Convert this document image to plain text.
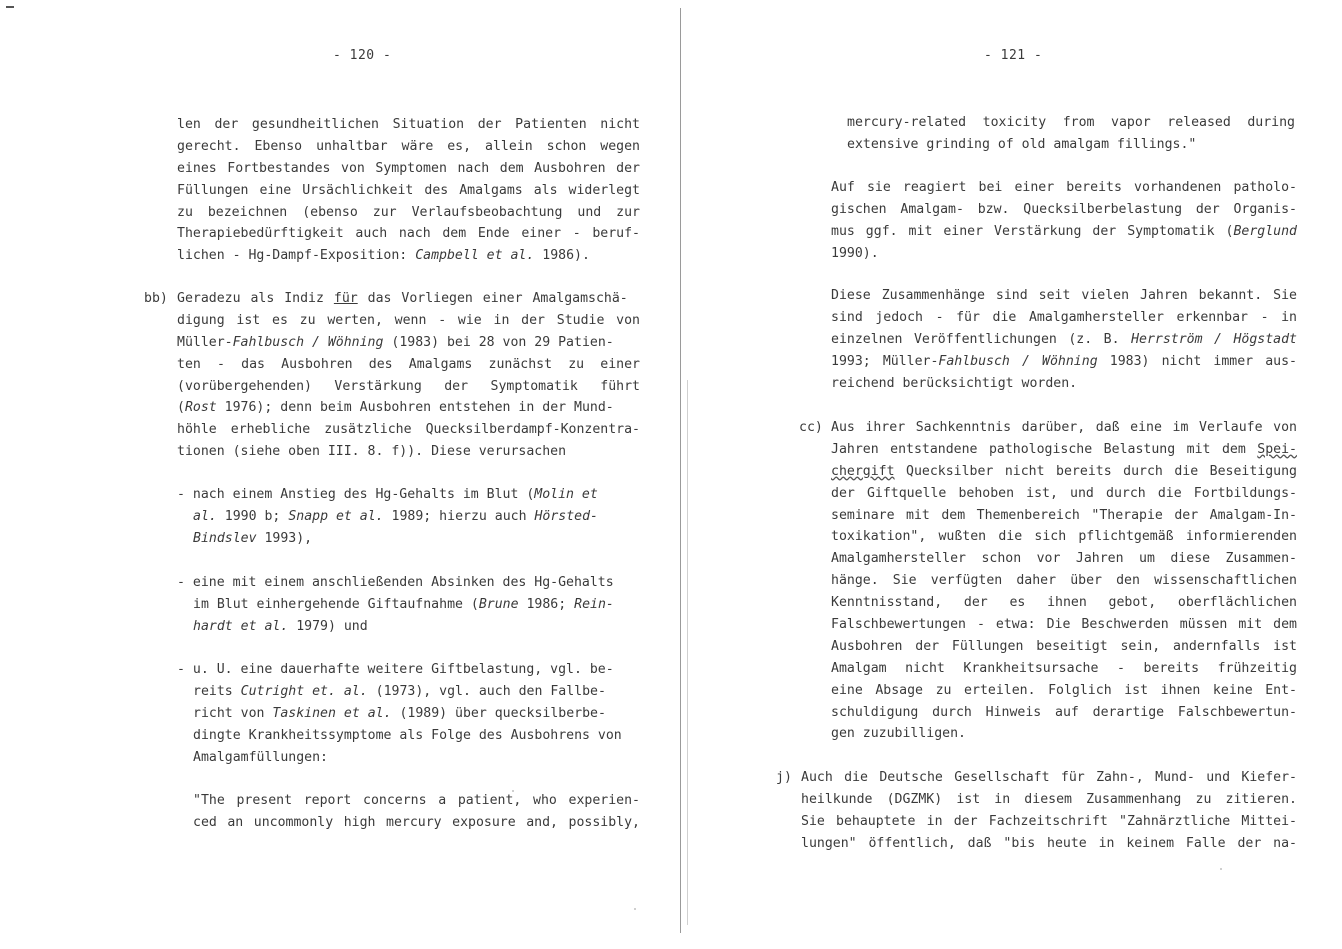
- 120 -
len der gesundheitlichen Situation der Patienten nicht
gerecht. Ebenso unhaltbar wäre es, allein schon wegen
eines Fortbestandes von Symptomen nach dem Ausbohren der
Füllungen eine Ursächlichkeit des Amalgams als widerlegt
zu bezeichnen (ebenso zur Verlaufsbeobachtung und zur
Therapiebedürftigkeit auch nach dem Ende einer - beruf-
lichen - Hg-Dampf-Exposition: Campbell et al. 1986).
bb) Geradezu als Indiz für das Vorliegen einer Amalgamschä-
digung ist es zu werten, wenn - wie in der Studie von
Müller-Fahlbusch / Wöhning (1983) bei 28 von 29 Patien-
ten - das Ausbohren des Amalgams zunächst zu einer
(vorübergehenden) Verstärkung der Symptomatik führt
(Rost 1976); denn beim Ausbohren entstehen in der Mund-
höhle erhebliche zusätzliche Quecksilberdampf-Konzentra-
tionen (siehe oben III. 8. f)). Diese verursachen
- nach einem Anstieg des Hg-Gehalts im Blut (Molin et
al. 1990 b; Snapp et al. 1989; hierzu auch Hörsted-
Bindslev 1993),
- eine mit einem anschließenden Absinken des Hg-Gehalts
im Blut einhergehende Giftaufnahme (Brune 1986; Rein-
hardt et al. 1979) und
- u. U. eine dauerhafte weitere Giftbelastung, vgl. be-
reits Cutright et. al. (1973), vgl. auch den Fallbe-
richt von Taskinen et al. (1989) über quecksilberbe-
dingte Krankheitssymptome als Folge des Ausbohrens von
Amalgamfüllungen:
"The present report concerns a patient, who experien-
ced an uncommonly high mercury exposure and, possibly,
- 121 -
mercury-related toxicity from vapor released during
extensive grinding of old amalgam fillings."
Auf sie reagiert bei einer bereits vorhandenen patholo-
gischen Amalgam- bzw. Quecksilberbelastung der Organis-
mus ggf. mit einer Verstärkung der Symptomatik (Berglund
1990).
Diese Zusammenhänge sind seit vielen Jahren bekannt. Sie
sind jedoch - für die Amalgamhersteller erkennbar - in
einzelnen Veröffentlichungen (z. B. Herrström / Högstadt
1993; Müller-Fahlbusch / Wöhning 1983) nicht immer aus-
reichend berücksichtigt worden.
cc) Aus ihrer Sachkenntnis darüber, daß eine im Verlaufe von
Jahren entstandene pathologische Belastung mit dem Spei-
chergift Quecksilber nicht bereits durch die Beseitigung
der Giftquelle behoben ist, und durch die Fortbildungs-
seminare mit dem Themenbereich "Therapie der Amalgam-In-
toxikation", wußten die sich pflichtgemäß informierenden
Amalgamhersteller schon vor Jahren um diese Zusammen-
hänge. Sie verfügten daher über den wissenschaftlichen
Kenntnisstand, der es ihnen gebot, oberflächlichen
Falschbewertungen - etwa: Die Beschwerden müssen mit dem
Ausbohren der Füllungen beseitigt sein, andernfalls ist
Amalgam nicht Krankheitsursache - bereits frühzeitig
eine Absage zu erteilen. Folglich ist ihnen keine Ent-
schuldigung durch Hinweis auf derartige Falschbewertun-
gen zuzubilligen.
j) Auch die Deutsche Gesellschaft für Zahn-, Mund- und Kiefer-
heilkunde (DGZMK) ist in diesem Zusammenhang zu zitieren.
Sie behauptete in der Fachzeitschrift "Zahnärztliche Mittei-
lungen" öffentlich, daß "bis heute in keinem Falle der na-
